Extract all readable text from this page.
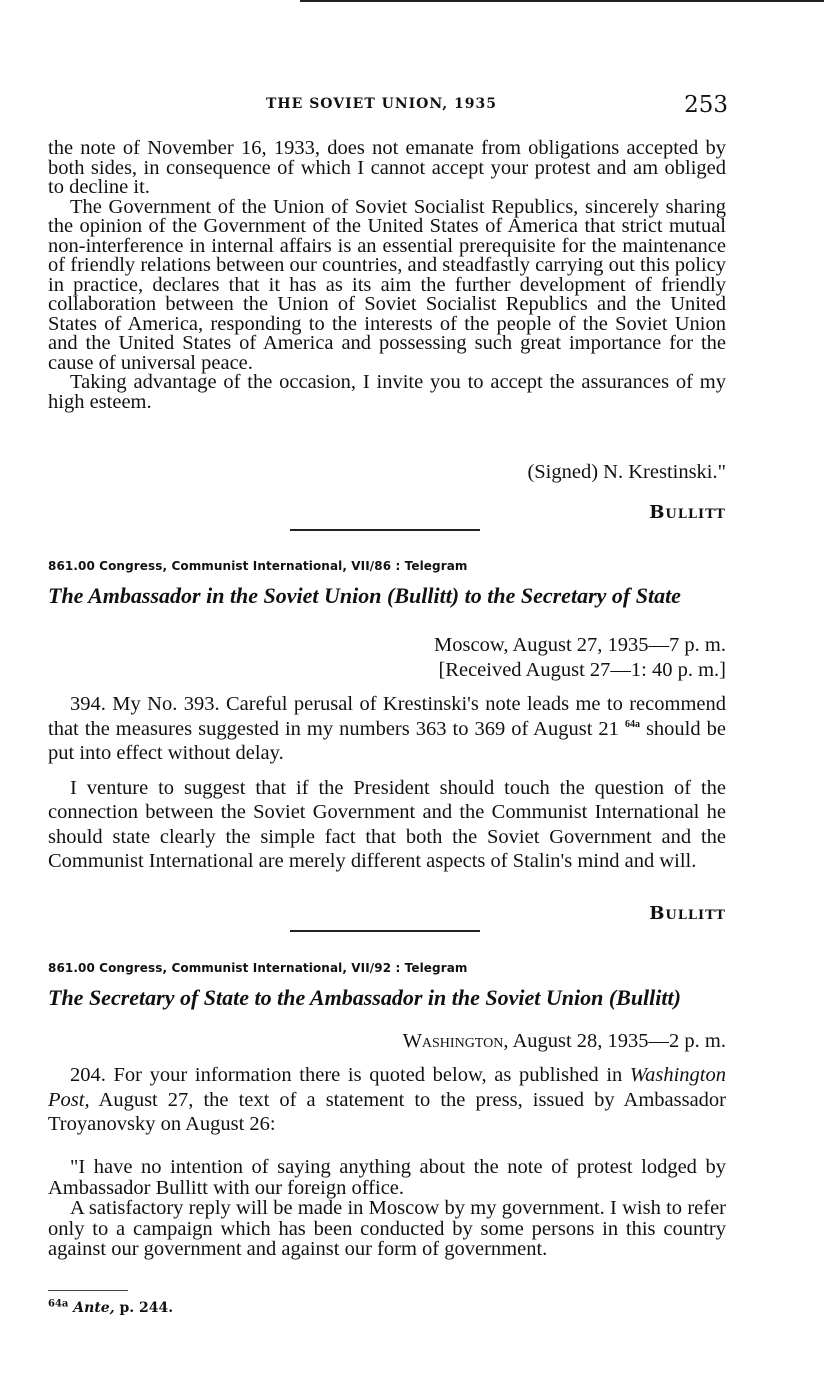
THE SOVIET UNION, 1935	253

the note of November 16, 1933, does not emanate from obligations accepted by both sides, in consequence of which I cannot accept your protest and am obliged to decline it.

The Government of the Union of Soviet Socialist Republics, sincerely sharing the opinion of the Government of the United States of America that strict mutual non-interference in internal affairs is an essential prerequisite for the maintenance of friendly relations between our countries, and steadfastly carrying out this policy in practice, declares that it has as its aim the further development of friendly collaboration between the Union of Soviet Socialist Republics and the United States of America, responding to the interests of the people of the Soviet Union and the United States of America and possessing such great importance for the cause of universal peace.

Taking advantage of the occasion, I invite you to accept the assurances of my high esteem.

(Signed) N. Krestinski."
Bullitt
861.00 Congress, Communist International, VII/86 : Telegram
The Ambassador in the Soviet Union (Bullitt) to the Secretary of State
Moscow, August 27, 1935—7 p. m.
[Received August 27—1: 40 p. m.]

394. My No. 393. Careful perusal of Krestinski's note leads me to recommend that the measures suggested in my numbers 363 to 369 of August 21 $^{64a}$ should be put into effect without delay.

I venture to suggest that if the President should touch the question of the connection between the Soviet Government and the Communist International he should state clearly the simple fact that both the Soviet Government and the Communist International are merely different aspects of Stalin's mind and will.

Bullitt
861.00 Congress, Communist International, VII/92 : Telegram
The Secretary of State to the Ambassador in the Soviet Union (Bullitt)
Washington, August 28, 1935—2 p. m.

204. For your information there is quoted below, as published in Washington Post, August 27, the text of a statement to the press, issued by Ambassador Troyanovsky on August 26:

"I have no intention of saying anything about the note of protest lodged by Ambassador Bullitt with our foreign office.

A satisfactory reply will be made in Moscow by my government. I wish to refer only to a campaign which has been conducted by some persons in this country against our government and against our form of government.

$^{64a}$ Ante, p. 244.
